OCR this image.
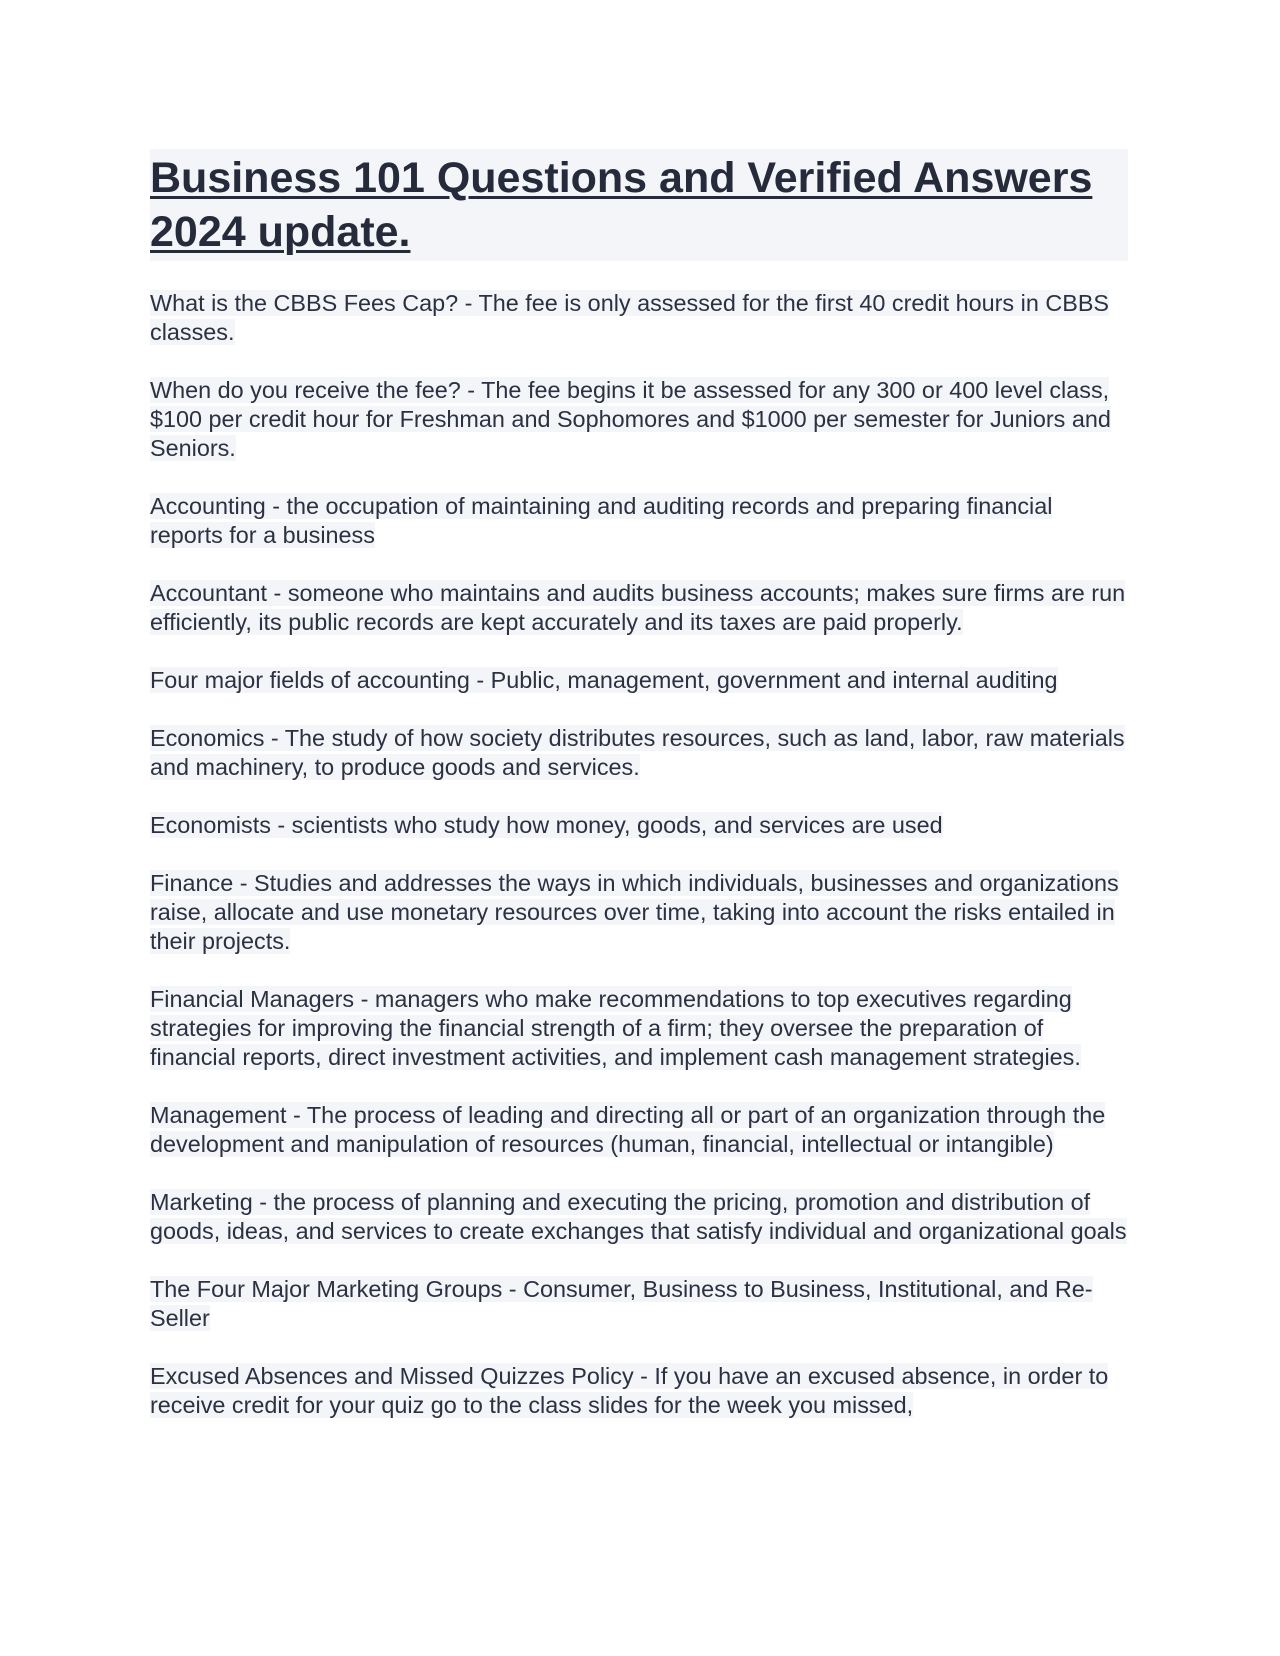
Business 101 Questions and Verified Answers 2024 update.
What is the CBBS Fees Cap? - The fee is only assessed for the first 40 credit hours in CBBS classes.
When do you receive the fee? - The fee begins it be assessed for any 300 or 400 level class, $100 per credit hour for Freshman and Sophomores and $1000 per semester for Juniors and Seniors.
Accounting - the occupation of maintaining and auditing records and preparing financial reports for a business
Accountant - someone who maintains and audits business accounts; makes sure firms are run efficiently, its public records are kept accurately and its taxes are paid properly.
Four major fields of accounting - Public, management, government and internal auditing
Economics - The study of how society distributes resources, such as land, labor, raw materials and machinery, to produce goods and services.
Economists - scientists who study how money, goods, and services are used
Finance - Studies and addresses the ways in which individuals, businesses and organizations raise, allocate and use monetary resources over time, taking into account the risks entailed in their projects.
Financial Managers - managers who make recommendations to top executives regarding strategies for improving the financial strength of a firm; they oversee the preparation of financial reports, direct investment activities, and implement cash management strategies.
Management - The process of leading and directing all or part of an organization through the development and manipulation of resources (human, financial, intellectual or intangible)
Marketing - the process of planning and executing the pricing, promotion and distribution of goods, ideas, and services to create exchanges that satisfy individual and organizational goals
The Four Major Marketing Groups - Consumer, Business to Business, Institutional, and Re-Seller
Excused Absences and Missed Quizzes Policy - If you have an excused absence, in order to receive credit for your quiz go to the class slides for the week you missed,
